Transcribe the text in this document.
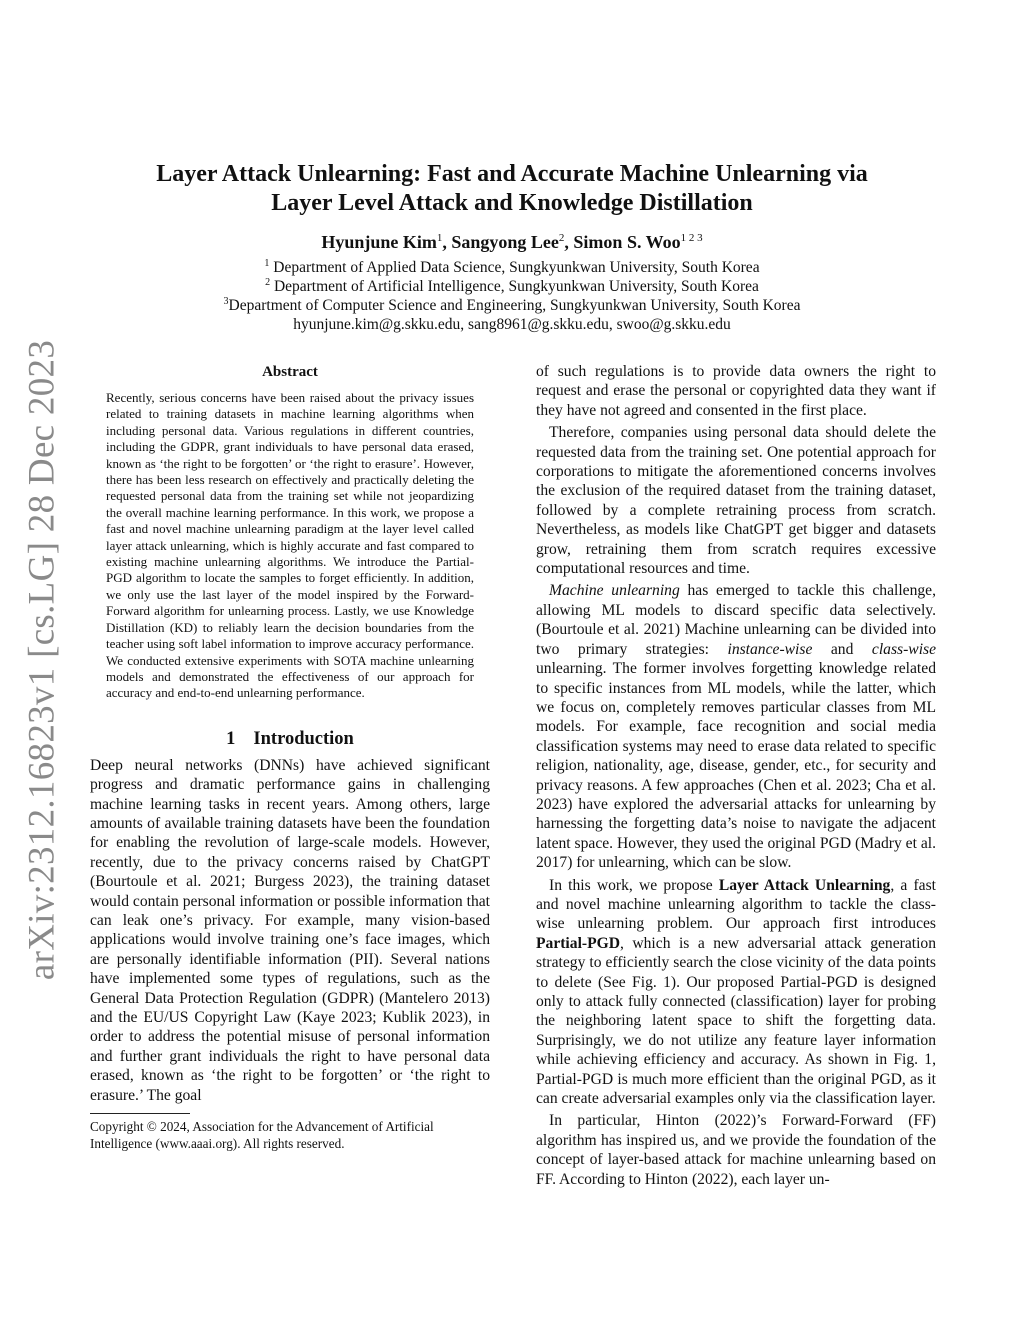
arXiv:2312.16823v1 [cs.LG] 28 Dec 2023
Layer Attack Unlearning: Fast and Accurate Machine Unlearning via
Layer Level Attack and Knowledge Distillation
Hyunjune Kim$^1$, Sangyong Lee$^2$, Simon S. Woo$^{1 2 3}$
$^1$ Department of Applied Data Science, Sungkyunkwan University, South Korea
$^2$ Department of Artificial Intelligence, Sungkyunkwan University, South Korea
$^3$Department of Computer Science and Engineering, Sungkyunkwan University, South Korea
hyunjune.kim@g.skku.edu, sang8961@g.skku.edu, swoo@g.skku.edu
Abstract

Recently, serious concerns have been raised about the privacy issues related to training datasets in machine learning algorithms when including personal data. Various regulations in different countries, including the GDPR, grant individuals to have personal data erased, known as ‘the right to be forgotten’ or ‘the right to erasure’. However, there has been less research on effectively and practically deleting the requested personal data from the training set while not jeopardizing the overall machine learning performance. In this work, we propose a fast and novel machine unlearning paradigm at the layer level called layer attack unlearning, which is highly accurate and fast compared to existing machine unlearning algorithms. We introduce the Partial-PGD algorithm to locate the samples to forget efficiently. In addition, we only use the last layer of the model inspired by the Forward-Forward algorithm for unlearning process. Lastly, we use Knowledge Distillation (KD) to reliably learn the decision boundaries from the teacher using soft label information to improve accuracy performance. We conducted extensive experiments with SOTA machine unlearning models and demonstrated the effectiveness of our approach for accuracy and end-to-end unlearning performance.

1 Introduction

Deep neural networks (DNNs) have achieved significant progress and dramatic performance gains in challenging machine learning tasks in recent years. Among others, large amounts of available training datasets have been the foundation for enabling the revolution of large-scale models. However, recently, due to the privacy concerns raised by ChatGPT (Bourtoule et al. 2021; Burgess 2023), the training dataset would contain personal information or possible information that can leak one’s privacy. For example, many vision-based applications would involve training one’s face images, which are personally identifiable information (PII). Several nations have implemented some types of regulations, such as the General Data Protection Regulation (GDPR) (Mantelero 2013) and the EU/US Copyright Law (Kaye 2023; Kublik 2023), in order to address the potential misuse of personal information and further grant individuals the right to have personal data erased, known as ‘the right to be forgotten’ or ‘the right to erasure.’ The goal

Copyright © 2024, Association for the Advancement of Artificial Intelligence (www.aaai.org). All rights reserved.

of such regulations is to provide data owners the right to request and erase the personal or copyrighted data they want if they have not agreed and consented in the first place.

Therefore, companies using personal data should delete the requested data from the training set. One potential approach for corporations to mitigate the aforementioned concerns involves the exclusion of the required dataset from the training dataset, followed by a complete retraining process from scratch. Nevertheless, as models like ChatGPT get bigger and datasets grow, retraining them from scratch requires excessive computational resources and time.

Machine unlearning has emerged to tackle this challenge, allowing ML models to discard specific data selectively. (Bourtoule et al. 2021) Machine unlearning can be divided into two primary strategies: instance-wise and class-wise unlearning. The former involves forgetting knowledge related to specific instances from ML models, while the latter, which we focus on, completely removes particular classes from ML models. For example, face recognition and social media classification systems may need to erase data related to specific religion, nationality, age, disease, gender, etc., for security and privacy reasons. A few approaches (Chen et al. 2023; Cha et al. 2023) have explored the adversarial attacks for unlearning by harnessing the forgetting data’s noise to navigate the adjacent latent space. However, they used the original PGD (Madry et al. 2017) for unlearning, which can be slow.

In this work, we propose Layer Attack Unlearning, a fast and novel machine unlearning algorithm to tackle the class-wise unlearning problem. Our approach first introduces Partial-PGD, which is a new adversarial attack generation strategy to efficiently search the close vicinity of the data points to delete (See Fig. 1). Our proposed Partial-PGD is designed only to attack fully connected (classification) layer for probing the neighboring latent space to shift the forgetting data. Surprisingly, we do not utilize any feature layer information while achieving efficiency and accuracy. As shown in Fig. 1, Partial-PGD is much more efficient than the original PGD, as it can create adversarial examples only via the classification layer.

In particular, Hinton (2022)’s Forward-Forward (FF) algorithm has inspired us, and we provide the foundation of the concept of layer-based attack for machine unlearning based on FF. According to Hinton (2022), each layer un-
